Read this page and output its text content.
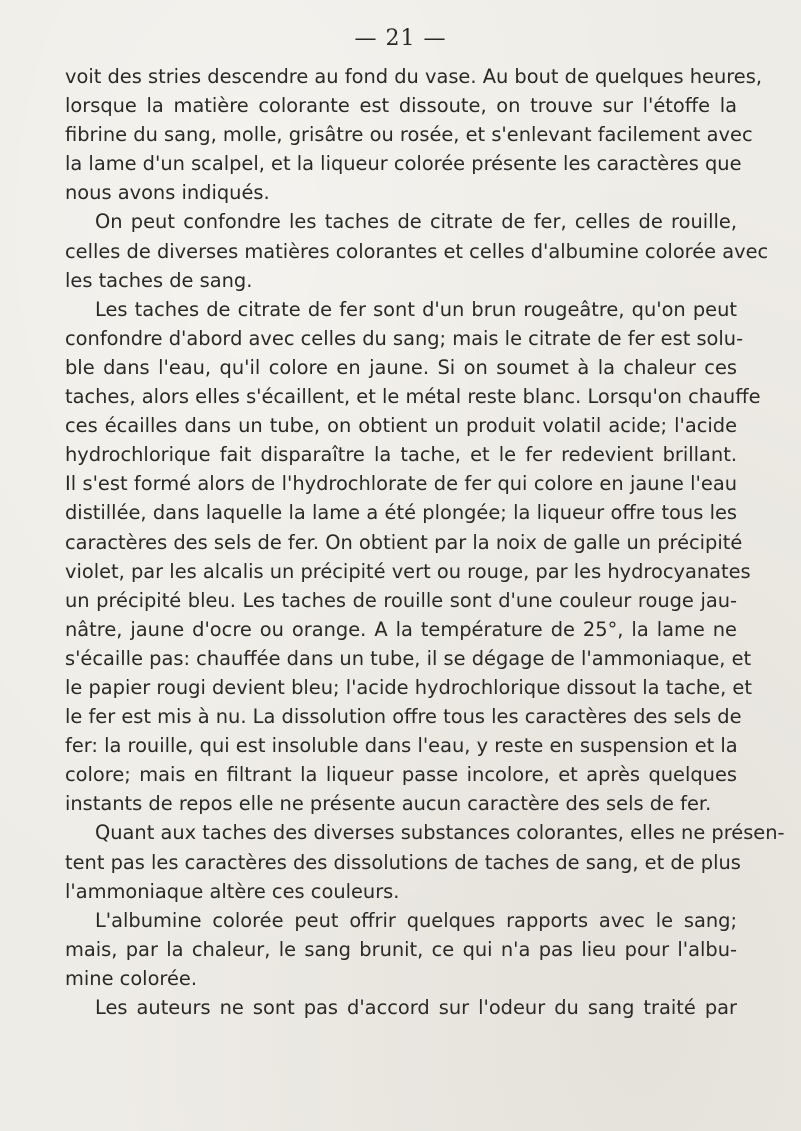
— 21 —
voit des stries descendre au fond du vase. Au bout de quelques heures,
lorsque la matière colorante est dissoute, on trouve sur l'étoffe la
fibrine du sang, molle, grisâtre ou rosée, et s'enlevant facilement avec
la lame d'un scalpel, et la liqueur colorée présente les caractères que
nous avons indiqués.
On peut confondre les taches de citrate de fer, celles de rouille,
celles de diverses matières colorantes et celles d'albumine colorée avec
les taches de sang.
Les taches de citrate de fer sont d'un brun rougeâtre, qu'on peut
confondre d'abord avec celles du sang; mais le citrate de fer est solu-
ble dans l'eau, qu'il colore en jaune. Si on soumet à la chaleur ces
taches, alors elles s'écaillent, et le métal reste blanc. Lorsqu'on chauffe
ces écailles dans un tube, on obtient un produit volatil acide; l'acide
hydrochlorique fait disparaître la tache, et le fer redevient brillant.
Il s'est formé alors de l'hydrochlorate de fer qui colore en jaune l'eau
distillée, dans laquelle la lame a été plongée; la liqueur offre tous les
caractères des sels de fer. On obtient par la noix de galle un précipité
violet, par les alcalis un précipité vert ou rouge, par les hydrocyanates
un précipité bleu. Les taches de rouille sont d'une couleur rouge jau-
nâtre, jaune d'ocre ou orange. A la température de 25°, la lame ne
s'écaille pas: chauffée dans un tube, il se dégage de l'ammoniaque, et
le papier rougi devient bleu; l'acide hydrochlorique dissout la tache, et
le fer est mis à nu. La dissolution offre tous les caractères des sels de
fer: la rouille, qui est insoluble dans l'eau, y reste en suspension et la
colore; mais en filtrant la liqueur passe incolore, et après quelques
instants de repos elle ne présente aucun caractère des sels de fer.
Quant aux taches des diverses substances colorantes, elles ne présen-
tent pas les caractères des dissolutions de taches de sang, et de plus
l'ammoniaque altère ces couleurs.
L'albumine colorée peut offrir quelques rapports avec le sang;
mais, par la chaleur, le sang brunit, ce qui n'a pas lieu pour l'albu-
mine colorée.
Les auteurs ne sont pas d'accord sur l'odeur du sang traité par
